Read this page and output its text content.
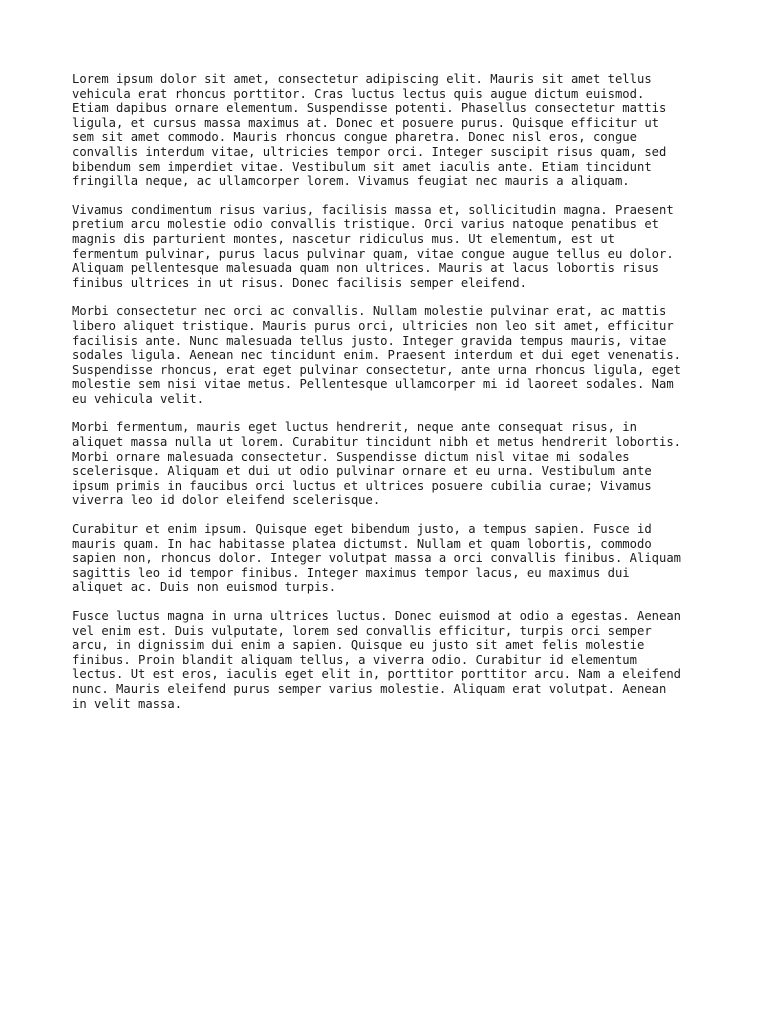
Lorem ipsum dolor sit amet, consectetur adipiscing elit. Mauris sit amet tellus
vehicula erat rhoncus porttitor. Cras luctus lectus quis augue dictum euismod.
Etiam dapibus ornare elementum. Suspendisse potenti. Phasellus consectetur mattis
ligula, et cursus massa maximus at. Donec et posuere purus. Quisque efficitur ut
sem sit amet commodo. Mauris rhoncus congue pharetra. Donec nisl eros, congue
convallis interdum vitae, ultricies tempor orci. Integer suscipit risus quam, sed
bibendum sem imperdiet vitae. Vestibulum sit amet iaculis ante. Etiam tincidunt
fringilla neque, ac ullamcorper lorem. Vivamus feugiat nec mauris a aliquam.

Vivamus condimentum risus varius, facilisis massa et, sollicitudin magna. Praesent
pretium arcu molestie odio convallis tristique. Orci varius natoque penatibus et
magnis dis parturient montes, nascetur ridiculus mus. Ut elementum, est ut
fermentum pulvinar, purus lacus pulvinar quam, vitae congue augue tellus eu dolor.
Aliquam pellentesque malesuada quam non ultrices. Mauris at lacus lobortis risus
finibus ultrices in ut risus. Donec facilisis semper eleifend.

Morbi consectetur nec orci ac convallis. Nullam molestie pulvinar erat, ac mattis
libero aliquet tristique. Mauris purus orci, ultricies non leo sit amet, efficitur
facilisis ante. Nunc malesuada tellus justo. Integer gravida tempus mauris, vitae
sodales ligula. Aenean nec tincidunt enim. Praesent interdum et dui eget venenatis.
Suspendisse rhoncus, erat eget pulvinar consectetur, ante urna rhoncus ligula, eget
molestie sem nisi vitae metus. Pellentesque ullamcorper mi id laoreet sodales. Nam
eu vehicula velit.

Morbi fermentum, mauris eget luctus hendrerit, neque ante consequat risus, in
aliquet massa nulla ut lorem. Curabitur tincidunt nibh et metus hendrerit lobortis.
Morbi ornare malesuada consectetur. Suspendisse dictum nisl vitae mi sodales
scelerisque. Aliquam et dui ut odio pulvinar ornare et eu urna. Vestibulum ante
ipsum primis in faucibus orci luctus et ultrices posuere cubilia curae; Vivamus
viverra leo id dolor eleifend scelerisque.

Curabitur et enim ipsum. Quisque eget bibendum justo, a tempus sapien. Fusce id
mauris quam. In hac habitasse platea dictumst. Nullam et quam lobortis, commodo
sapien non, rhoncus dolor. Integer volutpat massa a orci convallis finibus. Aliquam
sagittis leo id tempor finibus. Integer maximus tempor lacus, eu maximus dui
aliquet ac. Duis non euismod turpis.

Fusce luctus magna in urna ultrices luctus. Donec euismod at odio a egestas. Aenean
vel enim est. Duis vulputate, lorem sed convallis efficitur, turpis orci semper
arcu, in dignissim dui enim a sapien. Quisque eu justo sit amet felis molestie
finibus. Proin blandit aliquam tellus, a viverra odio. Curabitur id elementum
lectus. Ut est eros, iaculis eget elit in, porttitor porttitor arcu. Nam a eleifend
nunc. Mauris eleifend purus semper varius molestie. Aliquam erat volutpat. Aenean
in velit massa.
